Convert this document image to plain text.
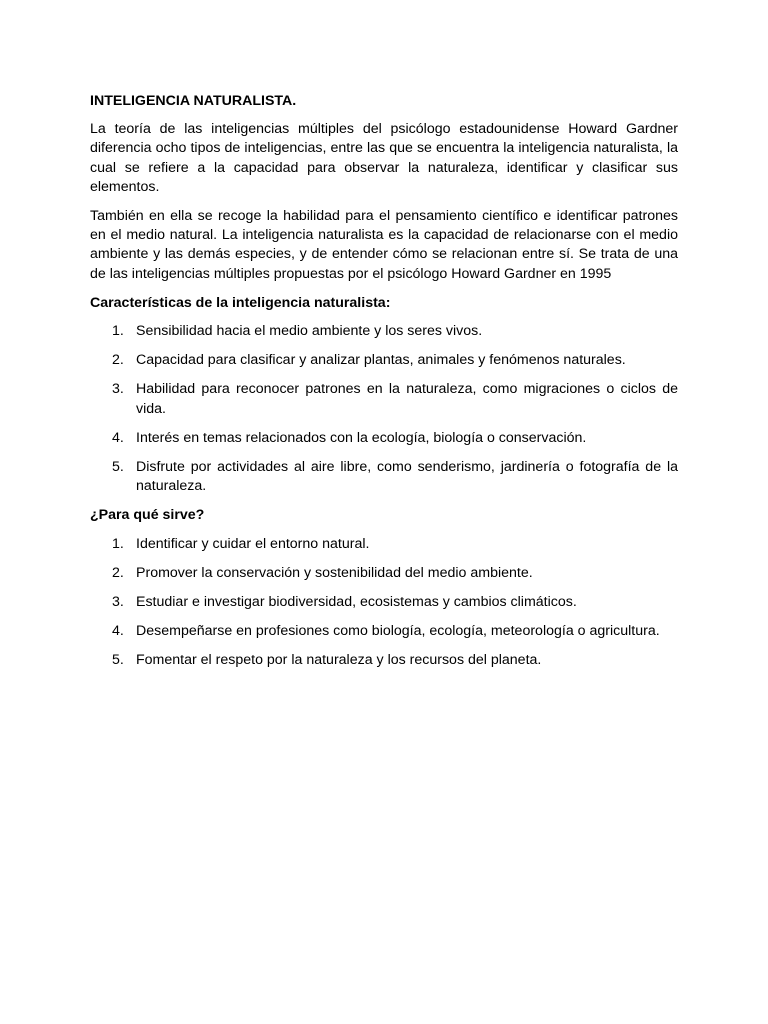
INTELIGENCIA NATURALISTA.

La teoría de las inteligencias múltiples del psicólogo estadounidense Howard Gardner diferencia ocho tipos de inteligencias, entre las que se encuentra la inteligencia naturalista, la cual se refiere a la capacidad para observar la naturaleza, identificar y clasificar sus elementos.

También en ella se recoge la habilidad para el pensamiento científico e identificar patrones en el medio natural. La inteligencia naturalista es la capacidad de relacionarse con el medio ambiente y las demás especies, y de entender cómo se relacionan entre sí. Se trata de una de las inteligencias múltiples propuestas por el psicólogo Howard Gardner en 1995

Características de la inteligencia naturalista:
1. Sensibilidad hacia el medio ambiente y los seres vivos.
2. Capacidad para clasificar y analizar plantas, animales y fenómenos naturales.
3. Habilidad para reconocer patrones en la naturaleza, como migraciones o ciclos de vida.
4. Interés en temas relacionados con la ecología, biología o conservación.
5. Disfrute por actividades al aire libre, como senderismo, jardinería o fotografía de la naturaleza.
¿Para qué sirve?
1. Identificar y cuidar el entorno natural.
2. Promover la conservación y sostenibilidad del medio ambiente.
3. Estudiar e investigar biodiversidad, ecosistemas y cambios climáticos.
4. Desempeñarse en profesiones como biología, ecología, meteorología o agricultura.
5. Fomentar el respeto por la naturaleza y los recursos del planeta.
